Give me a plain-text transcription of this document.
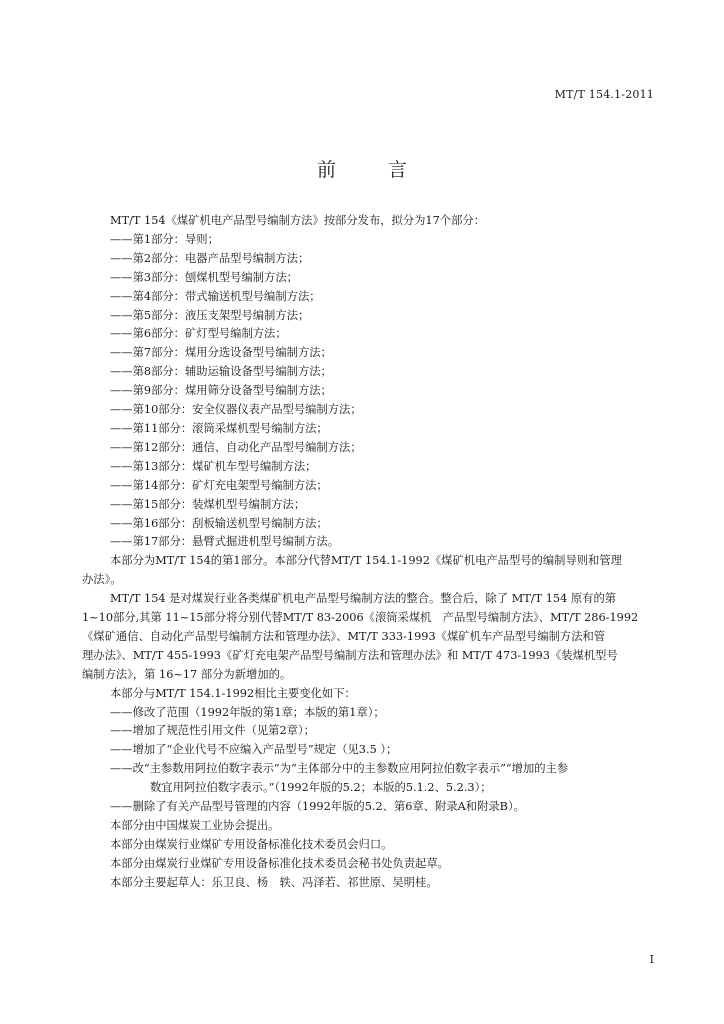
MT/T 154.1-2011
前	言
MT/T 154《煤矿机电产品型号编制方法》按部分发布，拟分为17个部分：
——第1部分：导则；
——第2部分：电器产品型号编制方法；
——第3部分：刨煤机型号编制方法；
——第4部分：带式输送机型号编制方法；
——第5部分：液压支架型号编制方法；
——第6部分：矿灯型号编制方法；
——第7部分：煤用分选设备型号编制方法；
——第8部分：辅助运输设备型号编制方法；
——第9部分：煤用筛分设备型号编制方法；
——第10部分：安全仪器仪表产品型号编制方法；
——第11部分：滚筒采煤机型号编制方法；
——第12部分：通信、自动化产品型号编制方法；
——第13部分：煤矿机车型号编制方法；
——第14部分：矿灯充电架型号编制方法；
——第15部分：装煤机型号编制方法；
——第16部分：刮板输送机型号编制方法；
——第17部分：悬臂式掘进机型号编制方法。
本部分为MT/T 154的第1部分。本部分代替MT/T 154.1-1992《煤矿机电产品型号的编制导则和管理
办法》。
MT/T 154 是对煤炭行业各类煤矿机电产品型号编制方法的整合。整合后，除了 MT/T 154 原有的第
1~10部分,其第 11~15部分将分别代替MT/T 83-2006《滚筒采煤机　产品型号编制方法》、MT/T 286-1992
《煤矿通信、自动化产品型号编制方法和管理办法》、MT/T 333-1993《煤矿机车产品型号编制方法和管
理办法》、MT/T 455-1993《矿灯充电架产品型号编制方法和管理办法》和 MT/T 473-1993《装煤机型号
编制方法》，第 16~17 部分为新增加的。
本部分与MT/T 154.1-1992相比主要变化如下：
——修改了范围（1992年版的第1章；本版的第1章）；
——增加了规范性引用文件（见第2章）；
——增加了“企业代号不应编入产品型号”规定（见3.5 ）；
——改“主参数用阿拉伯数字表示”为“主体部分中的主参数应用阿拉伯数字表示”“增加的主参
数宜用阿拉伯数字表示。”（1992年版的5.2；本版的5.1.2、5.2.3）；
——删除了有关产品型号管理的内容（1992年版的5.2、第6章、附录A和附录B）。
本部分由中国煤炭工业协会提出。
本部分由煤炭行业煤矿专用设备标准化技术委员会归口。
本部分由煤炭行业煤矿专用设备标准化技术委员会秘书处负责起草。
本部分主要起草人：乐卫良、杨　轶、冯泽若、祁世原、吴明桂。
I
